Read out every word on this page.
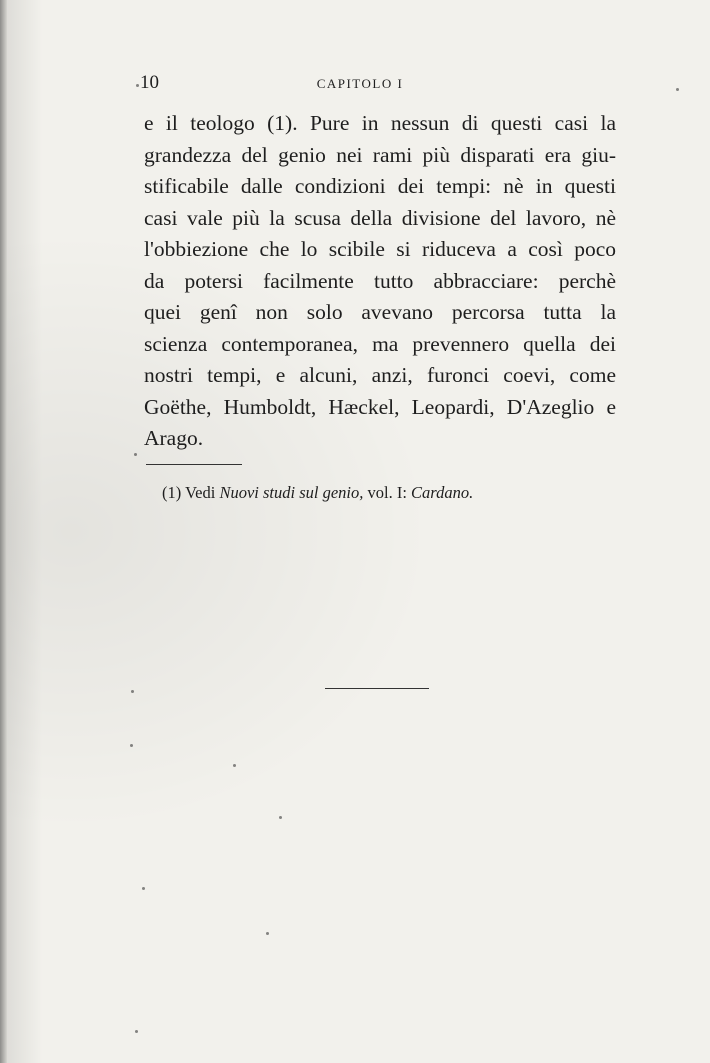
10	CAPITOLO I
e il teologo (1). Pure in nessun di questi casi la
grandezza del genio nei rami più disparati era giu-
stificabile dalle condizioni dei tempi: nè in questi
casi vale più la scusa della divisione del lavoro, nè
l'obbiezione che lo scibile si riduceva a così poco
da potersi facilmente tutto abbracciare: perchè
quei genî non solo avevano percorsa tutta la
scienza contemporanea, ma prevennero quella dei
nostri tempi, e alcuni, anzi, furonci coevi, come
Goëthe, Humboldt, Hæckel, Leopardi, D'Azeglio e
Arago.

(1) Vedi Nuovi studi sul genio, vol. I: Cardano.
